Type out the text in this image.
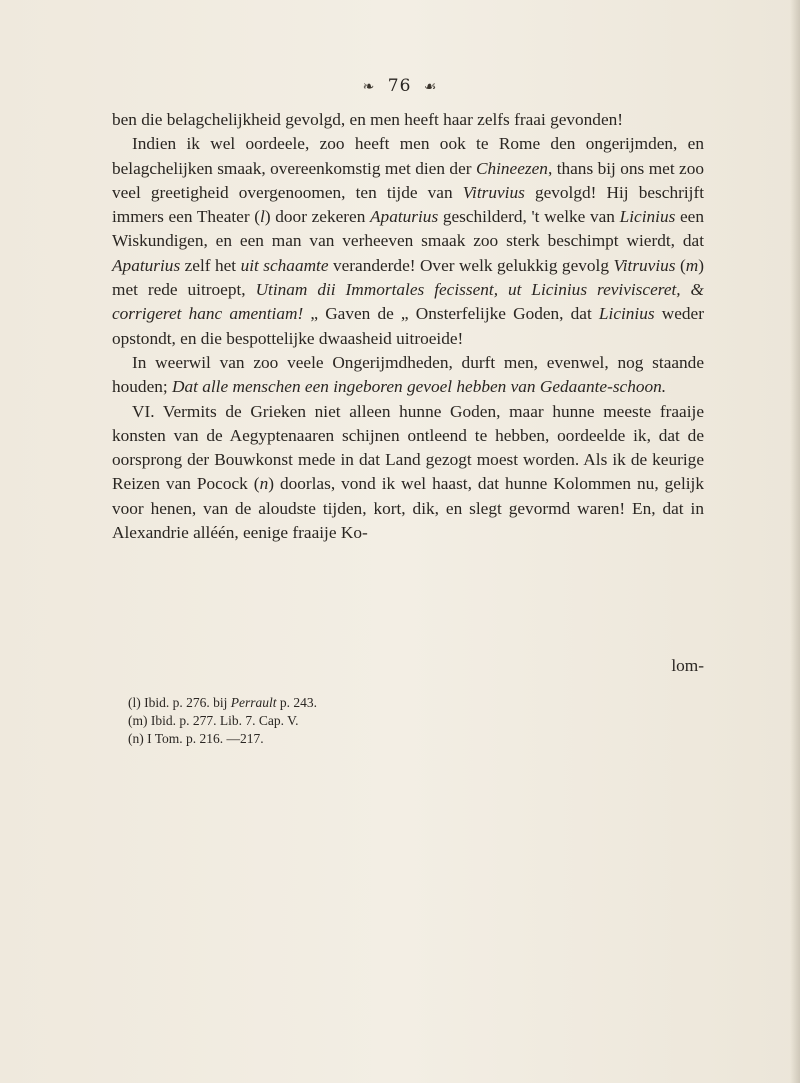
❧ 76 ☙

ben die belagchelijkheid gevolgd, en men heeft haar zelfs fraai gevonden!

Indien ik wel oordeele, zoo heeft men ook te Rome den ongerijmden, en belagchelijken smaak, overeenkomstig met dien der Chineezen, thans bij ons met zoo veel greetigheid overgenoomen, ten tijde van Vitruvius gevolgd! Hij beschrijft immers een Theater (l) door zekeren Apaturius geschilderd, 't welke van Licinius een Wiskundigen, en een man van verheeven smaak zoo sterk beschimpt wierdt, dat Apaturius zelf het uit schaamte veranderde! Over welk gelukkig gevolg Vitruvius (m) met rede uitroept, Utinam dii Immortales fecissent, ut Licinius revivisceret, & corrigeret hanc amentiam! „ Gaven de „ Onsterfelijke Goden, dat Licinius weder opstondt, en die bespottelijke dwaasheid uitroeide!

In weerwil van zoo veele Ongerijmdheden, durft men, evenwel, nog staande houden; Dat alle menschen een ingeboren gevoel hebben van Gedaante-schoon.

VI. Vermits de Grieken niet alleen hunne Goden, maar hunne meeste fraaije konsten van de Aegyptenaaren schijnen ontleend te hebben, oordeelde ik, dat de oorsprong der Bouwkonst mede in dat Land gezogt moest worden. Als ik de keurige Reizen van Pocock (n) doorlas, vond ik wel haast, dat hunne Kolommen nu, gelijk voor henen, van de aloudste tijden, kort, dik, en slegt gevormd waren! En, dat in Alexandrie alléén, eenige fraaije Ko-

lom-
(l) Ibid. p. 276. bij Perrault p. 243.
(m) Ibid. p. 277. Lib. 7. Cap. V.
(n) I Tom. p. 216. —217.
